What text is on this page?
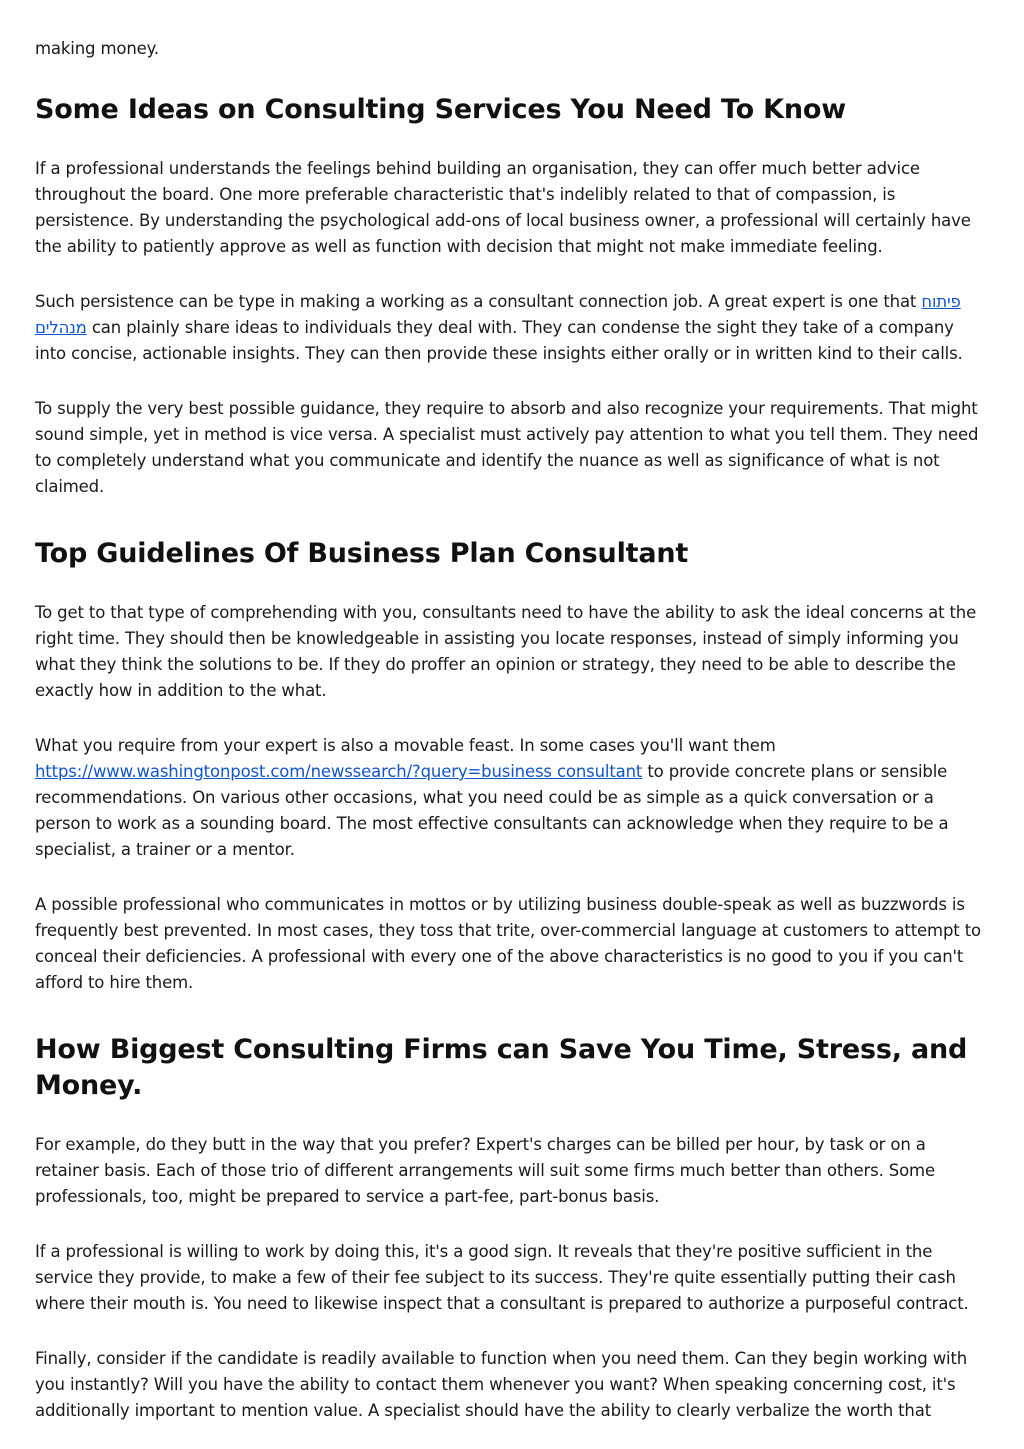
making money.

Some Ideas on Consulting Services You Need To Know

If a professional understands the feelings behind building an organisation, they can offer much better advice throughout the board. One more preferable characteristic that's indelibly related to that of compassion, is persistence. By understanding the psychological add-ons of local business owner, a professional will certainly have the ability to patiently approve as well as function with decision that might not make immediate feeling.

Such persistence can be type in making a working as a consultant connection job. A great expert is one that פיתוח מנהלים can plainly share ideas to individuals they deal with. They can condense the sight they take of a company into concise, actionable insights. They can then provide these insights either orally or in written kind to their calls.

To supply the very best possible guidance, they require to absorb and also recognize your requirements. That might sound simple, yet in method is vice versa. A specialist must actively pay attention to what you tell them. They need to completely understand what you communicate and identify the nuance as well as significance of what is not claimed.

Top Guidelines Of Business Plan Consultant

To get to that type of comprehending with you, consultants need to have the ability to ask the ideal concerns at the right time. They should then be knowledgeable in assisting you locate responses, instead of simply informing you what they think the solutions to be. If they do proffer an opinion or strategy, they need to be able to describe the exactly how in addition to the what.

What you require from your expert is also a movable feast. In some cases you'll want them https://www.washingtonpost.com/newssearch/?query=business consultant to provide concrete plans or sensible recommendations. On various other occasions, what you need could be as simple as a quick conversation or a person to work as a sounding board. The most effective consultants can acknowledge when they require to be a specialist, a trainer or a mentor.

A possible professional who communicates in mottos or by utilizing business double-speak as well as buzzwords is frequently best prevented. In most cases, they toss that trite, over-commercial language at customers to attempt to conceal their deficiencies. A professional with every one of the above characteristics is no good to you if you can't afford to hire them.

How Biggest Consulting Firms can Save You Time, Stress, and Money.

For example, do they butt in the way that you prefer? Expert's charges can be billed per hour, by task or on a retainer basis. Each of those trio of different arrangements will suit some firms much better than others. Some professionals, too, might be prepared to service a part-fee, part-bonus basis.

If a professional is willing to work by doing this, it's a good sign. It reveals that they're positive sufficient in the service they provide, to make a few of their fee subject to its success. They're quite essentially putting their cash where their mouth is. You need to likewise inspect that a consultant is prepared to authorize a purposeful contract.

Finally, consider if the candidate is readily available to function when you need them. Can they begin working with you instantly? Will you have the ability to contact them whenever you want? When speaking concerning cost, it's additionally important to mention value. A specialist should have the ability to clearly verbalize the worth that
